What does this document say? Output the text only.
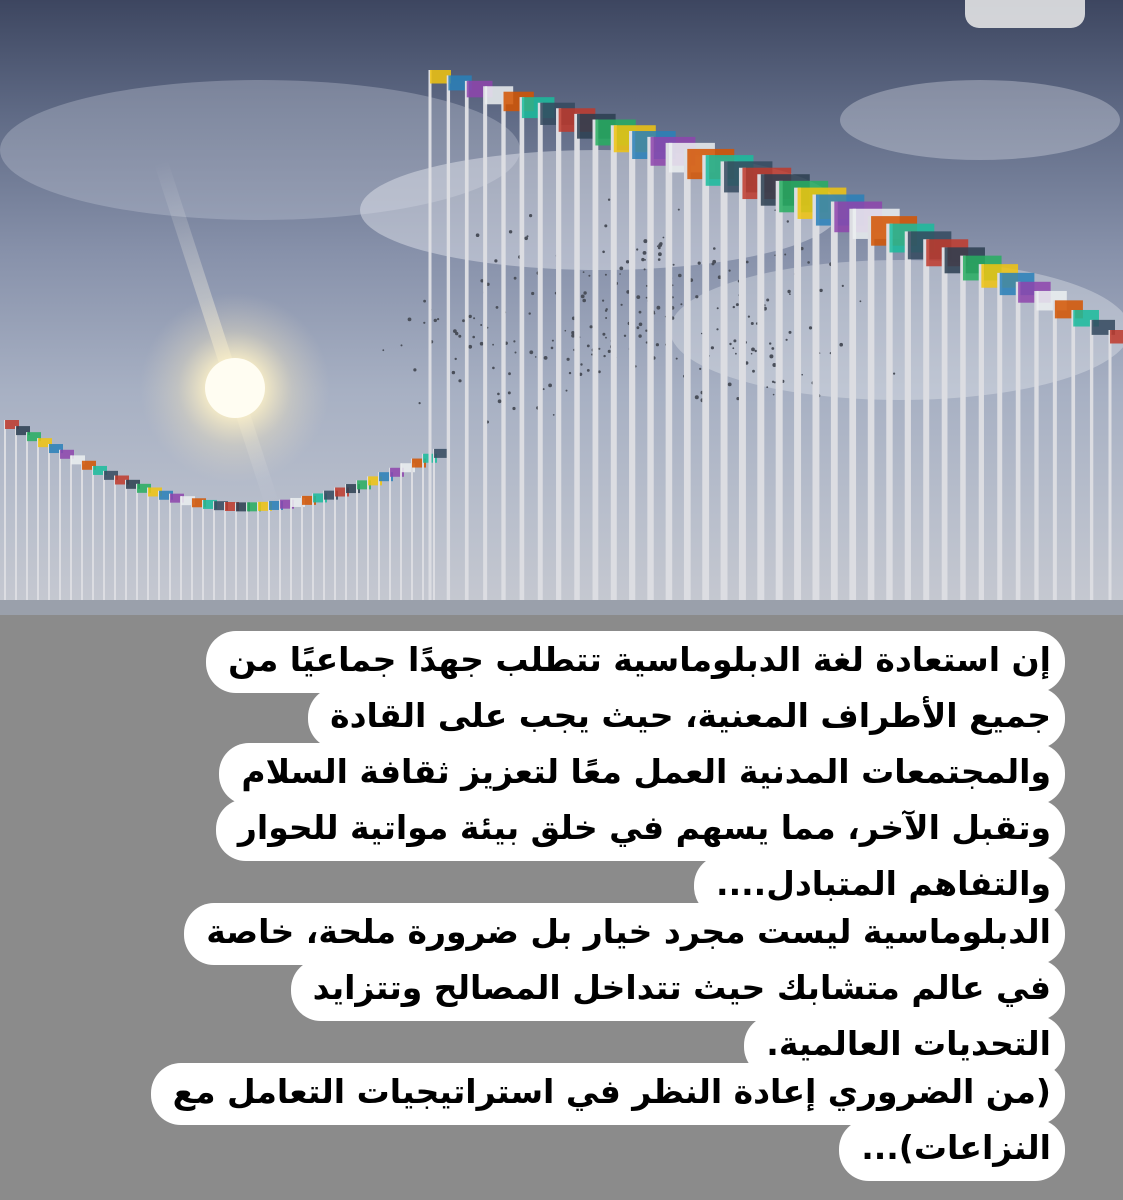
إن استعادة لغة الدبلوماسية تتطلب جهدًا جماعيًا من
جميع الأطراف المعنية، حيث يجب على القادة
والمجتمعات المدنية العمل معًا لتعزيز ثقافة السلام
وتقبل الآخر، مما يسهم في خلق بيئة مواتية للحوار
والتفاهم المتبادل....
الدبلوماسية ليست مجرد خيار بل ضرورة ملحة، خاصة
في عالم متشابك حيث تتداخل المصالح وتتزايد
التحديات العالمية.
(من الضروري إعادة النظر في استراتيجيات التعامل مع
النزاعات)...
